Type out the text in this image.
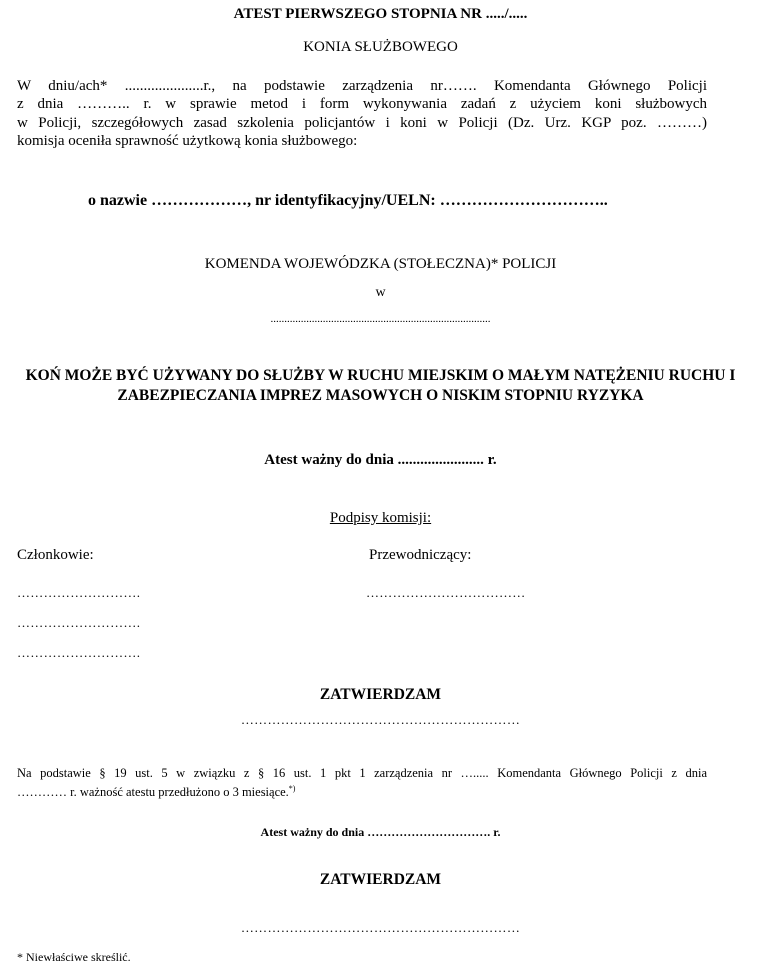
ATEST PIERWSZEGO STOPNIA NR ...../.....
KONIA SŁUŻBOWEGO
W dniu/ach* .....................r., na podstawie zarządzenia nr……. Komendanta Głównego Policji
z dnia ……….. r. w sprawie metod i form wykonywania zadań z użyciem koni służbowych
w Policji, szczegółowych zasad szkolenia policjantów i koni w Policji (Dz. Urz. KGP poz. ………)
komisja oceniła sprawność użytkową konia służbowego:
o nazwie ………………, nr identyfikacyjny/UELN: …………………………..
KOMENDA WOJEWÓDZKA (STOŁECZNA)* POLICJI
w
................................................................................
KOŃ MOŻE BYĆ UŻYWANY DO SŁUŻBY W RUCHU MIEJSKIM O MAŁYM NATĘŻENIU RUCHU I ZABEZPIECZANIA IMPREZ MASOWYCH O NISKIM STOPNIU RYZYKA
Atest ważny do dnia ....................... r.
Podpisy komisji:
Członkowie:	Przewodniczący:
……………………….
……………………….
……………………….
………………………………
ZATWIERDZAM
………………………………………………………
Na podstawie § 19 ust. 5 w związku z § 16 ust. 1 pkt 1 zarządzenia nr …..... Komendanta Głównego Policji z dnia
………… r. ważność atestu przedłużono o 3 miesiące.*)
Atest ważny do dnia …………………………. r.
ZATWIERDZAM
………………………………………………………
* Niewłaściwe skreślić.
